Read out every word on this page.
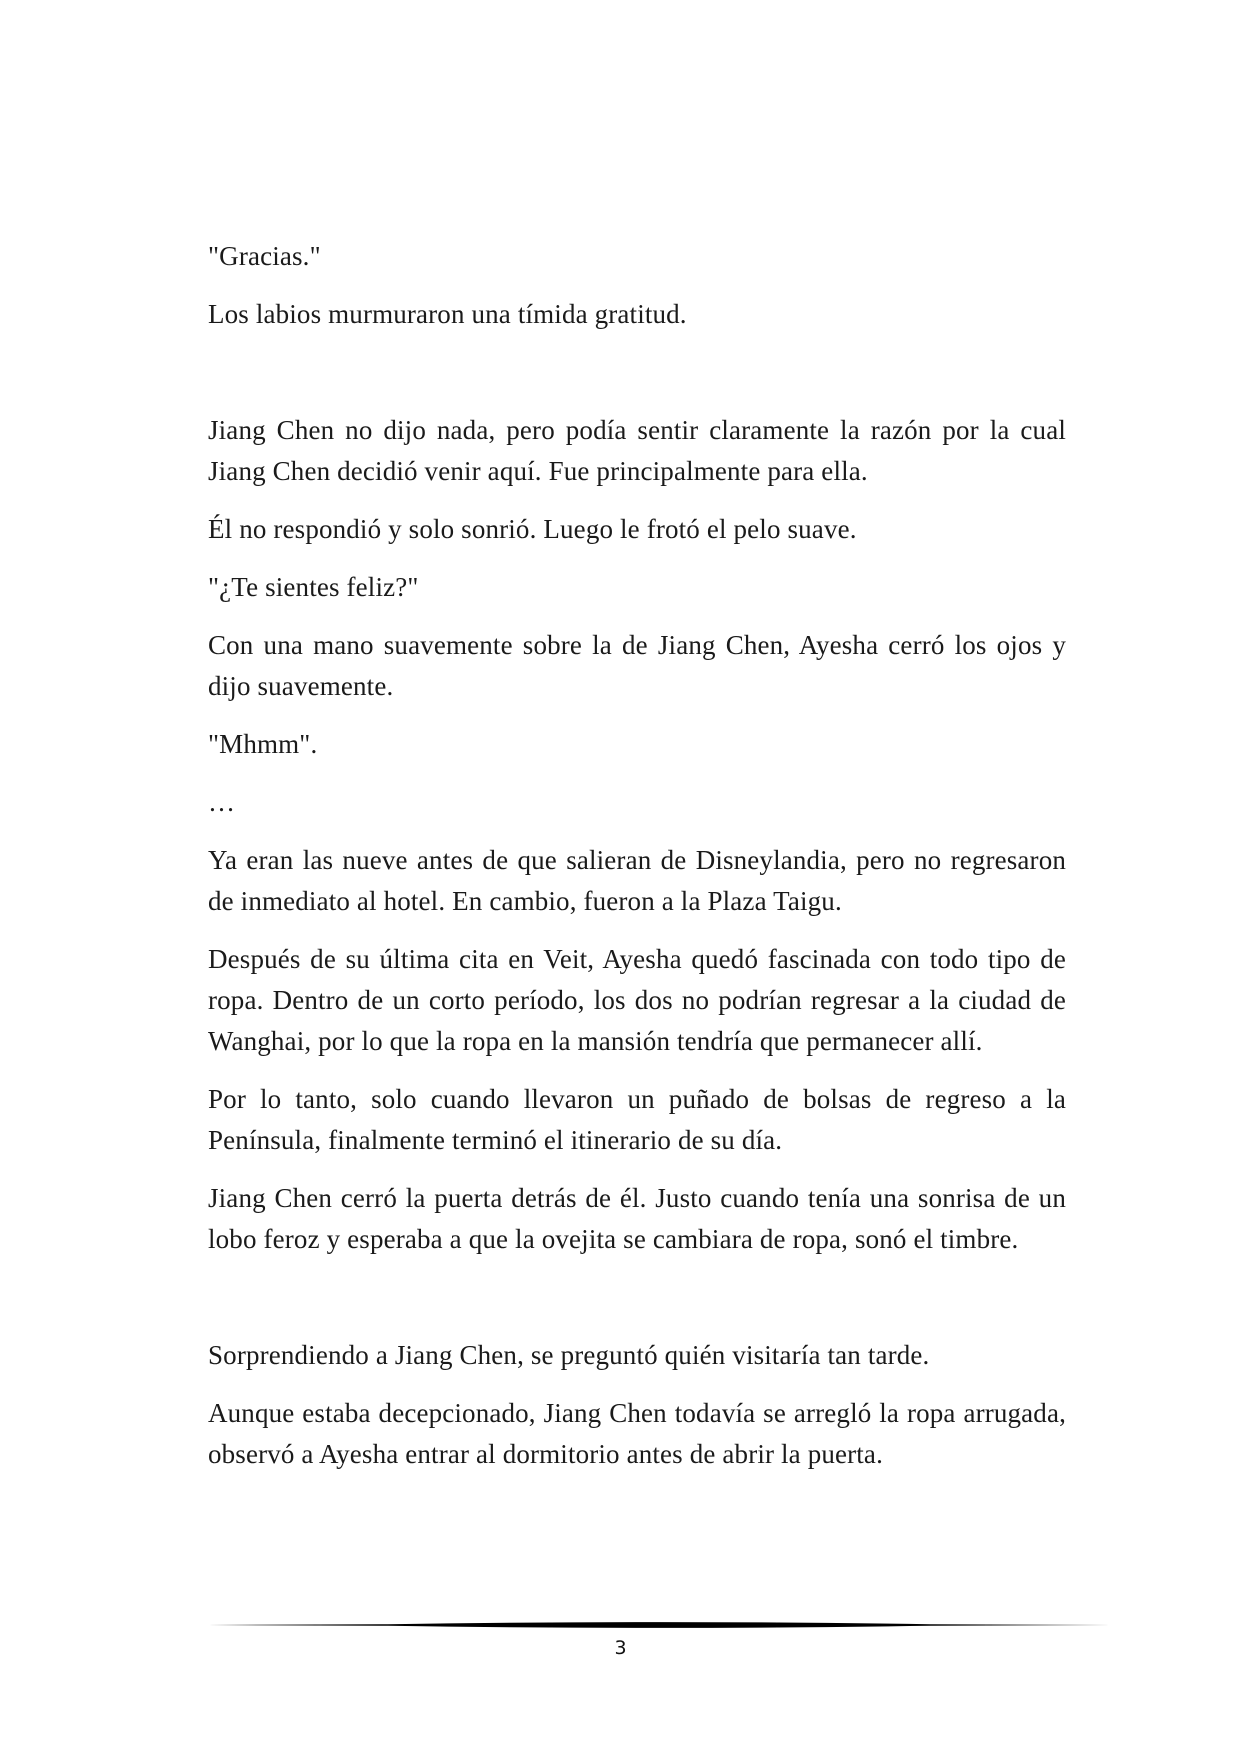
"Gracias."

Los labios murmuraron una tímida gratitud.

Jiang Chen no dijo nada, pero podía sentir claramente la razón por la cual Jiang Chen decidió venir aquí. Fue principalmente para ella.

Él no respondió y solo sonrió. Luego le frotó el pelo suave.

"¿Te sientes feliz?"

Con una mano suavemente sobre la de Jiang Chen, Ayesha cerró los ojos y dijo suavemente.

"Mhmm".

…

Ya eran las nueve antes de que salieran de Disneylandia, pero no regresaron de inmediato al hotel. En cambio, fueron a la Plaza Taigu.

Después de su última cita en Veit, Ayesha quedó fascinada con todo tipo de ropa. Dentro de un corto período, los dos no podrían regresar a la ciudad de Wanghai, por lo que la ropa en la mansión tendría que permanecer allí.

Por lo tanto, solo cuando llevaron un puñado de bolsas de regreso a la Península, finalmente terminó el itinerario de su día.

Jiang Chen cerró la puerta detrás de él. Justo cuando tenía una sonrisa de un lobo feroz y esperaba a que la ovejita se cambiara de ropa, sonó el timbre.

Sorprendiendo a Jiang Chen, se preguntó quién visitaría tan tarde.

Aunque estaba decepcionado, Jiang Chen todavía se arregló la ropa arrugada, observó a Ayesha entrar al dormitorio antes de abrir la puerta.

3
